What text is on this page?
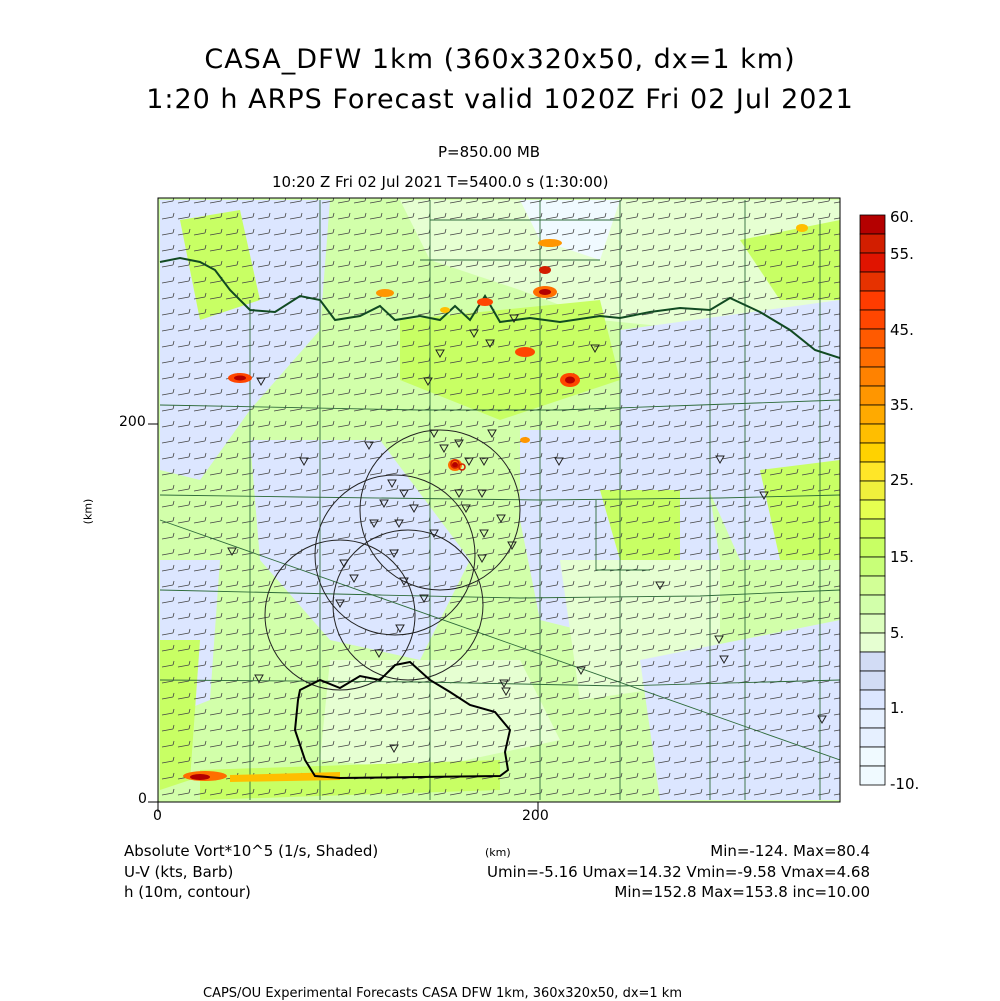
CASA_DFW 1km (360x320x50, dx=1 km)
1:20 h ARPS Forecast valid 1020Z Fri 02 Jul 2021
P=850.00 MB
10:20 Z Fri 02 Jul 2021 T=5400.0 s (1:30:00)
0
200
0	200
(km)
60.
55.
45.
35.
25.
15.
5.
1.
-10.
Absolute Vort*10^5 (1/s, Shaded)
U-V (kts, Barb)
h (10m, contour)
(km)	Min=-124. Max=80.4
Umin=-5.16 Umax=14.32 Vmin=-9.58 Vmax=4.68
Min=152.8 Max=153.8 inc=10.00
CAPS/OU Experimental Forecasts CASA DFW 1km, 360x320x50, dx=1 km
